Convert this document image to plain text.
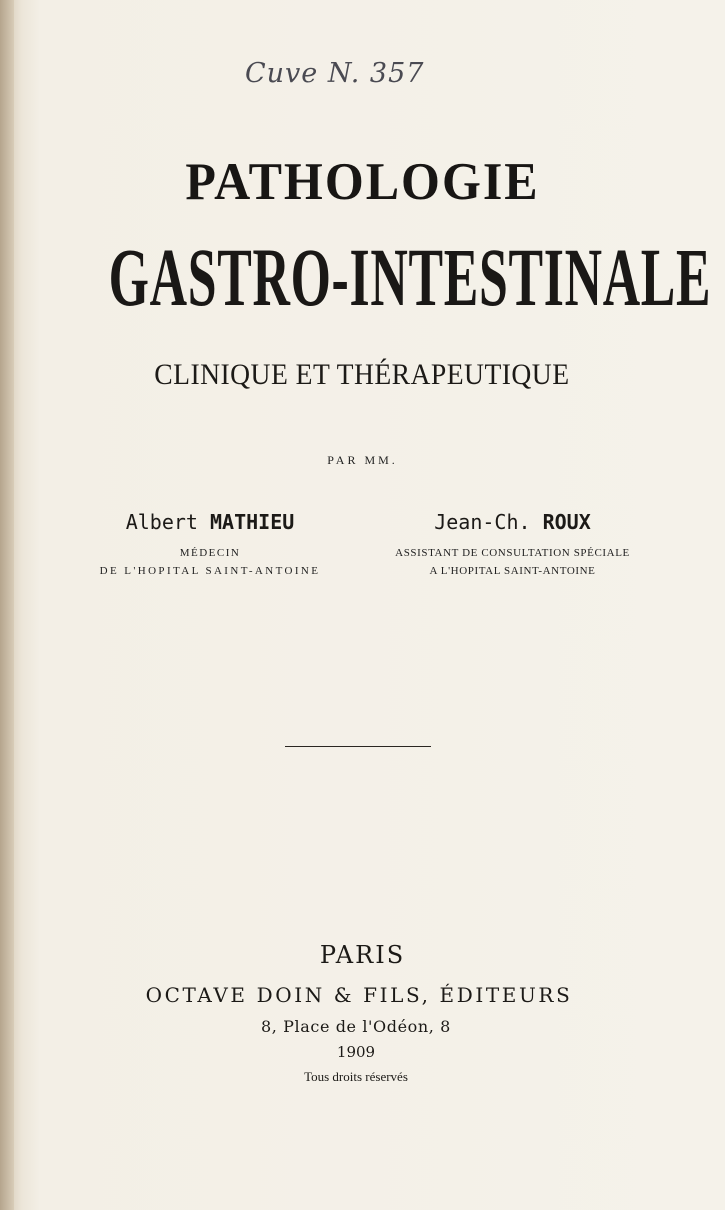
Cuve N. 357
PATHOLOGIE
GASTRO-INTESTINALE
CLINIQUE ET THÉRAPEUTIQUE
PAR MM.
Albert MATHIEU
MÉDECIN
DE L'HOPITAL SAINT-ANTOINE
Jean-Ch. ROUX
ASSISTANT DE CONSULTATION SPÉCIALE
A L'HOPITAL SAINT-ANTOINE
PARIS
OCTAVE DOIN & FILS, ÉDITEURS
8, Place de l'Odéon, 8
1909
Tous droits réservés
